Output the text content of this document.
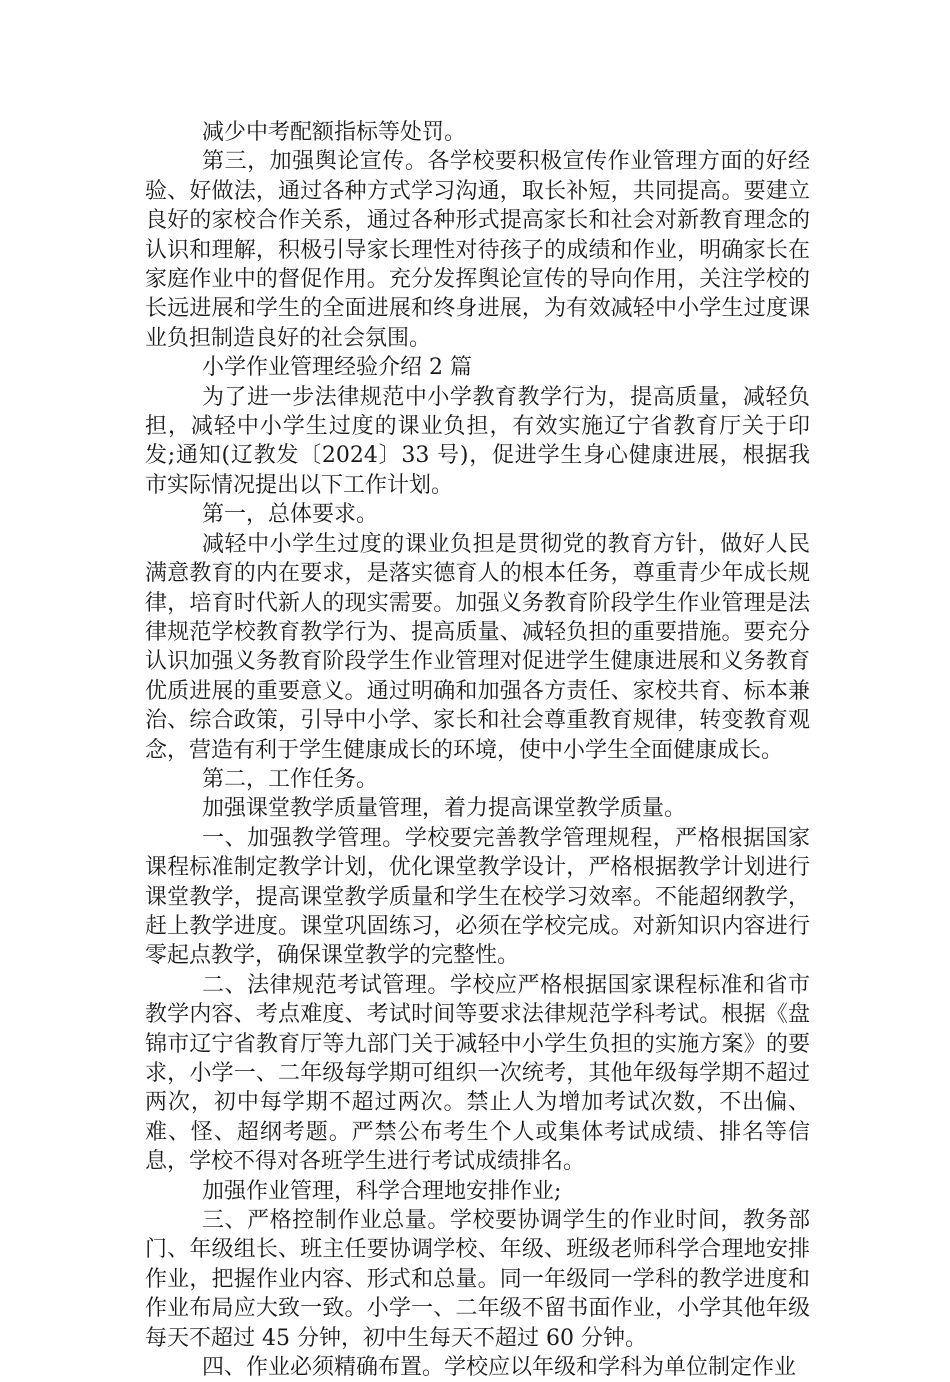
减少中考配额指标等处罚。

第三，加强舆论宣传。各学校要积极宣传作业管理方面的好经验、好做法，通过各种方式学习沟通，取长补短，共同提高。要建立良好的家校合作关系，通过各种形式提高家长和社会对新教育理念的认识和理解，积极引导家长理性对待孩子的成绩和作业，明确家长在家庭作业中的督促作用。充分发挥舆论宣传的导向作用，关注学校的长远进展和学生的全面进展和终身进展，为有效减轻中小学生过度课业负担制造良好的社会氛围。

小学作业管理经验介绍 2 篇

为了进一步法律规范中小学教育教学行为，提高质量，减轻负担，减轻中小学生过度的课业负担，有效实施辽宁省教育厅关于印发;通知(辽教发〔2024〕33 号)，促进学生身心健康进展，根据我市实际情况提出以下工作计划。

第一，总体要求。

减轻中小学生过度的课业负担是贯彻党的教育方针，做好人民满意教育的内在要求，是落实德育人的根本任务，尊重青少年成长规律，培育时代新人的现实需要。加强义务教育阶段学生作业管理是法律规范学校教育教学行为、提高质量、减轻负担的重要措施。要充分认识加强义务教育阶段学生作业管理对促进学生健康进展和义务教育优质进展的重要意义。通过明确和加强各方责任、家校共育、标本兼治、综合政策，引导中小学、家长和社会尊重教育规律，转变教育观念，营造有利于学生健康成长的环境，使中小学生全面健康成长。

第二，工作任务。

加强课堂教学质量管理，着力提高课堂教学质量。

一、加强教学管理。学校要完善教学管理规程，严格根据国家课程标准制定教学计划，优化课堂教学设计，严格根据教学计划进行课堂教学，提高课堂教学质量和学生在校学习效率。不能超纲教学，赶上教学进度。课堂巩固练习，必须在学校完成。对新知识内容进行零起点教学，确保课堂教学的完整性。

二、法律规范考试管理。学校应严格根据国家课程标准和省市教学内容、考点难度、考试时间等要求法律规范学科考试。根据《盘锦市辽宁省教育厅等九部门关于减轻中小学生负担的实施方案》的要求，小学一、二年级每学期可组织一次统考，其他年级每学期不超过两次，初中每学期不超过两次。禁止人为增加考试次数，不出偏、难、怪、超纲考题。严禁公布考生个人或集体考试成绩、排名等信息，学校不得对各班学生进行考试成绩排名。

加强作业管理，科学合理地安排作业;

三、严格控制作业总量。学校要协调学生的作业时间，教务部门、年级组长、班主任要协调学校、年级、班级老师科学合理地安排作业，把握作业内容、形式和总量。同一年级同一学科的教学进度和作业布局应大致一致。小学一、二年级不留书面作业，小学其他年级每天不超过 45 分钟，初中生每天不超过 60 分钟。

四、作业必须精确布置。学校应以年级和学科为单位制定作业
